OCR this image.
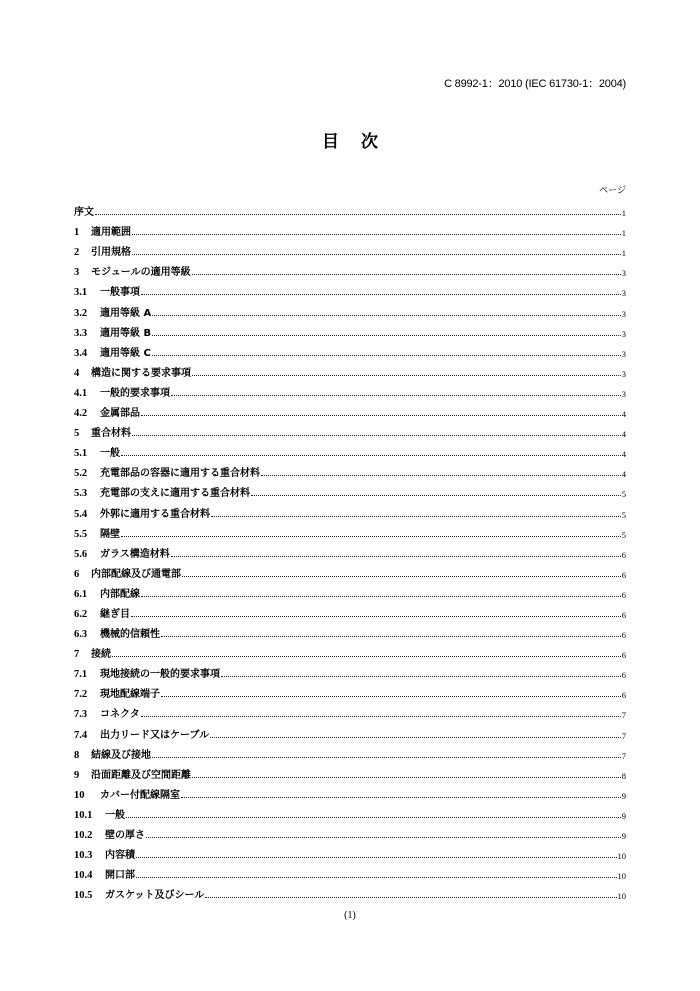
C 8992-1：2010 (IEC 61730-1：2004)
目次
ページ
序文	1
1	適用範囲	1
2	引用規格	1
3	モジュールの適用等級	3
3.1	一般事項	3
3.2	適用等級 A	3
3.3	適用等級 B	3
3.4	適用等級 C	3
4	構造に関する要求事項	3
4.1	一般的要求事項	3
4.2	金属部品	4
5	重合材料	4
5.1	一般	4
5.2	充電部品の容器に適用する重合材料	4
5.3	充電部の支えに適用する重合材料	5
5.4	外郭に適用する重合材料	5
5.5	隔壁	5
5.6	ガラス構造材料	6
6	内部配線及び通電部	6
6.1	内部配線	6
6.2	継ぎ目	6
6.3	機械的信頼性	6
7	接続	6
7.1	現地接続の一般的要求事項	6
7.2	現地配線端子	6
7.3	コネクタ	7
7.4	出力リード又はケーブル	7
8	結線及び接地	7
9	沿面距離及び空間距離	8
10	カバー付配線隔室	9
10.1	一般	9
10.2	壁の厚さ	9
10.3	内容積	10
10.4	開口部	10
10.5	ガスケット及びシール	10
(1)
